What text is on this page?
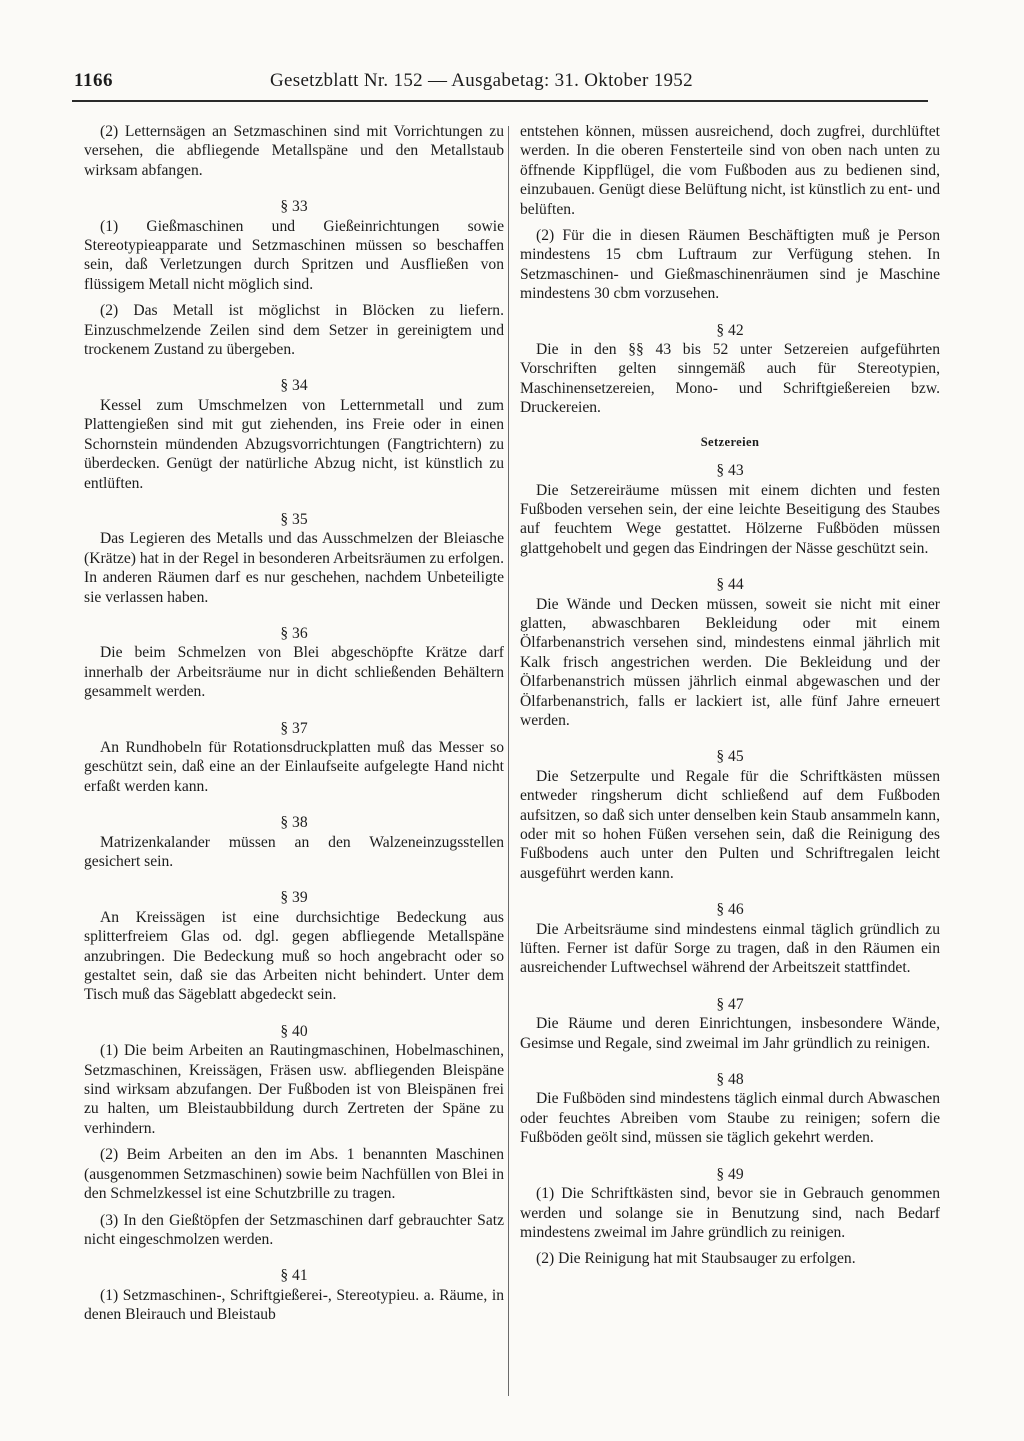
1166	Gesetzblatt Nr. 152 — Ausgabetag: 31. Oktober 1952

(2) Letternsägen an Setzmaschinen sind mit Vorrichtungen zu versehen, die abfliegende Metallspäne und den Metallstaub wirksam abfangen.

§ 33

(1) Gießmaschinen und Gießeinrichtungen sowie Stereotypieapparate und Setzmaschinen müssen so beschaffen sein, daß Verletzungen durch Spritzen und Ausfließen von flüssigem Metall nicht möglich sind.

(2) Das Metall ist möglichst in Blöcken zu liefern. Einzuschmelzende Zeilen sind dem Setzer in gereinigtem und trockenem Zustand zu übergeben.

§ 34

Kessel zum Umschmelzen von Letternmetall und zum Plattengießen sind mit gut ziehenden, ins Freie oder in einen Schornstein mündenden Abzugsvorrichtungen (Fangtrichtern) zu überdecken. Genügt der natürliche Abzug nicht, ist künstlich zu entlüften.

§ 35

Das Legieren des Metalls und das Ausschmelzen der Bleiasche (Krätze) hat in der Regel in besonderen Arbeitsräumen zu erfolgen. In anderen Räumen darf es nur geschehen, nachdem Unbeteiligte sie verlassen haben.

§ 36

Die beim Schmelzen von Blei abgeschöpfte Krätze darf innerhalb der Arbeitsräume nur in dicht schließenden Behältern gesammelt werden.

§ 37

An Rundhobeln für Rotationsdruckplatten muß das Messer so geschützt sein, daß eine an der Einlaufseite aufgelegte Hand nicht erfaßt werden kann.

§ 38

Matrizenkalander müssen an den Walzeneinzugsstellen gesichert sein.

§ 39

An Kreissägen ist eine durchsichtige Bedeckung aus splitterfreiem Glas od. dgl. gegen abfliegende Metallspäne anzubringen. Die Bedeckung muß so hoch angebracht oder so gestaltet sein, daß sie das Arbeiten nicht behindert. Unter dem Tisch muß das Sägeblatt abgedeckt sein.

§ 40

(1) Die beim Arbeiten an Rautingmaschinen, Hobelmaschinen, Setzmaschinen, Kreissägen, Fräsen usw. abfliegenden Bleispäne sind wirksam abzufangen. Der Fußboden ist von Bleispänen frei zu halten, um Bleistaubbildung durch Zertreten der Späne zu verhindern.

(2) Beim Arbeiten an den im Abs. 1 benannten Maschinen (ausgenommen Setzmaschinen) sowie beim Nachfüllen von Blei in den Schmelzkessel ist eine Schutzbrille zu tragen.

(3) In den Gießtöpfen der Setzmaschinen darf gebrauchter Satz nicht eingeschmolzen werden.

§ 41

(1) Setzmaschinen-, Schriftgießerei-, Stereotypieu. a. Räume, in denen Bleirauch und Bleistaub

entstehen können, müssen ausreichend, doch zugfrei, durchlüftet werden. In die oberen Fensterteile sind von oben nach unten zu öffnende Kippflügel, die vom Fußboden aus zu bedienen sind, einzubauen. Genügt diese Belüftung nicht, ist künstlich zu ent- und belüften.

(2) Für die in diesen Räumen Beschäftigten muß je Person mindestens 15 cbm Luftraum zur Verfügung stehen. In Setzmaschinen- und Gießmaschinenräumen sind je Maschine mindestens 30 cbm vorzusehen.

§ 42

Die in den §§ 43 bis 52 unter Setzereien aufgeführten Vorschriften gelten sinngemäß auch für Stereotypien, Maschinensetzereien, Mono- und Schriftgießereien bzw. Druckereien.

Setzereien
§ 43

Die Setzereiräume müssen mit einem dichten und festen Fußboden versehen sein, der eine leichte Beseitigung des Staubes auf feuchtem Wege gestattet. Hölzerne Fußböden müssen glattgehobelt und gegen das Eindringen der Nässe geschützt sein.

§ 44

Die Wände und Decken müssen, soweit sie nicht mit einer glatten, abwaschbaren Bekleidung oder mit einem Ölfarbenanstrich versehen sind, mindestens einmal jährlich mit Kalk frisch angestrichen werden. Die Bekleidung und der Ölfarbenanstrich müssen jährlich einmal abgewaschen und der Ölfarbenanstrich, falls er lackiert ist, alle fünf Jahre erneuert werden.

§ 45

Die Setzerpulte und Regale für die Schriftkästen müssen entweder ringsherum dicht schließend auf dem Fußboden aufsitzen, so daß sich unter denselben kein Staub ansammeln kann, oder mit so hohen Füßen versehen sein, daß die Reinigung des Fußbodens auch unter den Pulten und Schriftregalen leicht ausgeführt werden kann.

§ 46

Die Arbeitsräume sind mindestens einmal täglich gründlich zu lüften. Ferner ist dafür Sorge zu tragen, daß in den Räumen ein ausreichender Luftwechsel während der Arbeitszeit stattfindet.

§ 47

Die Räume und deren Einrichtungen, insbesondere Wände, Gesimse und Regale, sind zweimal im Jahr gründlich zu reinigen.

§ 48

Die Fußböden sind mindestens täglich einmal durch Abwaschen oder feuchtes Abreiben vom Staube zu reinigen; sofern die Fußböden geölt sind, müssen sie täglich gekehrt werden.

§ 49

(1) Die Schriftkästen sind, bevor sie in Gebrauch genommen werden und solange sie in Benutzung sind, nach Bedarf mindestens zweimal im Jahre gründlich zu reinigen.

(2) Die Reinigung hat mit Staubsauger zu erfolgen.
